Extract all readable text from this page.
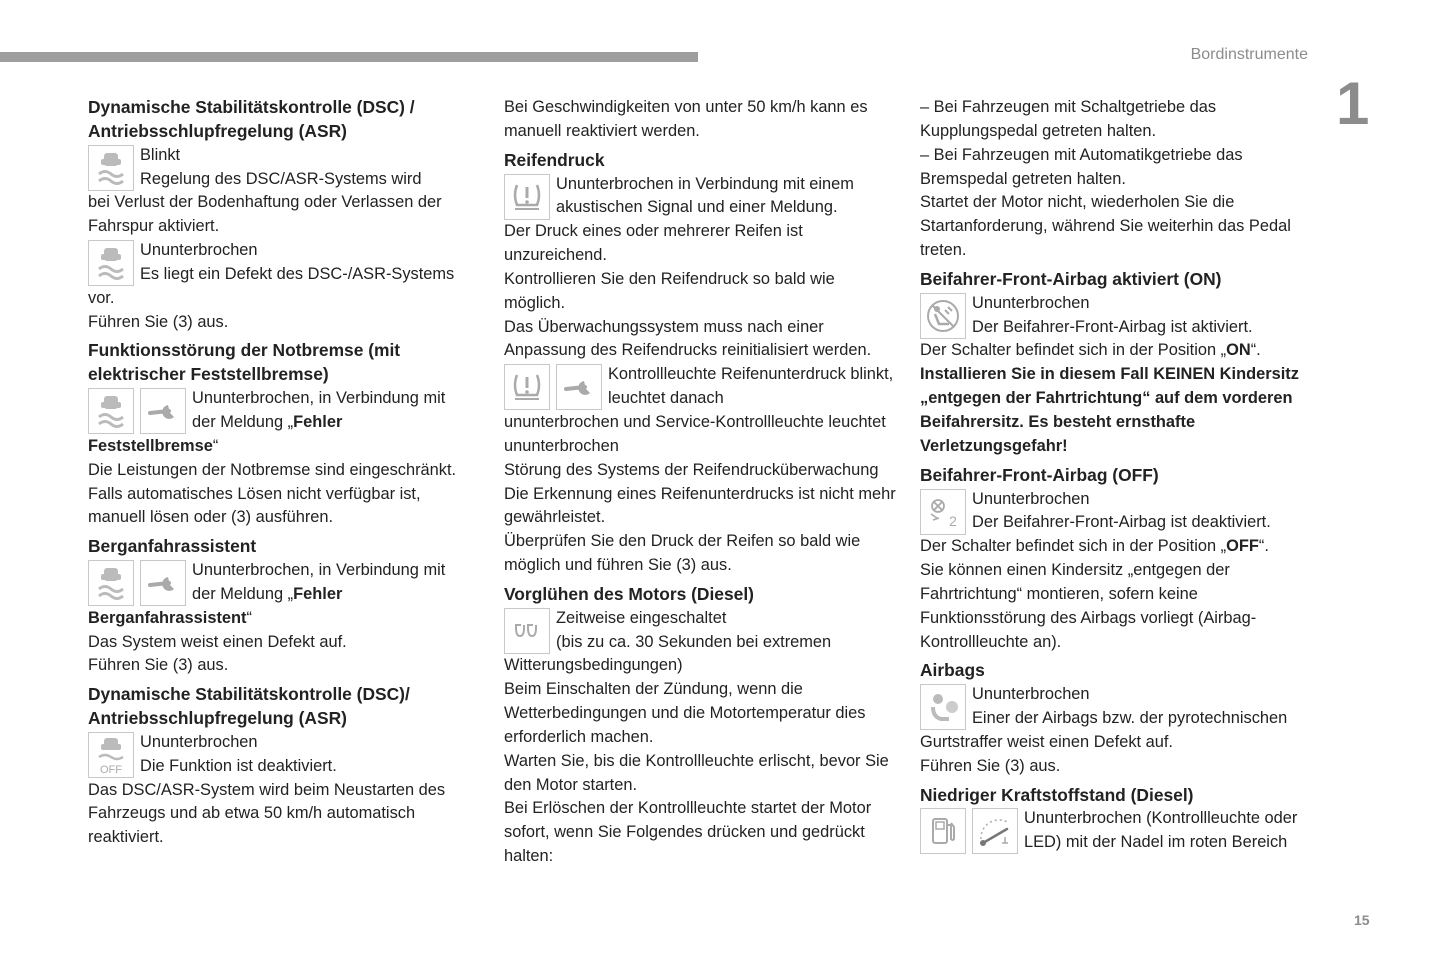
Bordinstrumente
1
15
Dynamische Stabilitätskontrolle (DSC) / Antriebsschlupfregelung (ASR)

Blinkt

Regelung des DSC/ASR-Systems wird

bei Verlust der Bodenhaftung oder Verlassen der Fahrspur aktiviert.

Ununterbrochen

Es liegt ein Defekt des DSC-/ASR-Systems

vor.

Führen Sie (3) aus.

Funktionsstörung der Notbremse (mit elektrischer Feststellbremse)

Ununterbrochen, in Verbindung mit

der Meldung „Fehler

Feststellbremse“

Die Leistungen der Notbremse sind eingeschränkt.

Falls automatisches Lösen nicht verfügbar ist, manuell lösen oder (3) ausführen.

Berganfahrassistent

Ununterbrochen, in Verbindung mit

der Meldung „Fehler

Berganfahrassistent“

Das System weist einen Defekt auf.

Führen Sie (3) aus.

Dynamische Stabilitätskontrolle (DSC)/ Antriebsschlupfregelung (ASR)
OFF

Ununterbrochen

Die Funktion ist deaktiviert.

Das DSC/ASR-System wird beim Neustarten des Fahrzeugs und ab etwa 50 km/h automatisch reaktiviert.

Bei Geschwindigkeiten von unter 50 km/h kann es manuell reaktiviert werden.

Reifendruck

Ununterbrochen in Verbindung mit einem akustischen Signal und einer Meldung.

Der Druck eines oder mehrerer Reifen ist unzureichend.

Kontrollieren Sie den Reifendruck so bald wie möglich.

Das Überwachungssystem muss nach einer Anpassung des Reifendrucks reinitialisiert werden.

Kontrollleuchte Reifenunterdruck blinkt, leuchtet danach

ununterbrochen und Service-Kontrollleuchte leuchtet ununterbrochen

Störung des Systems der Reifendrucküberwachung

Die Erkennung eines Reifenunterdrucks ist nicht mehr gewährleistet.

Überprüfen Sie den Druck der Reifen so bald wie möglich und führen Sie (3) aus.

Vorglühen des Motors (Diesel)

Zeitweise eingeschaltet

(bis zu ca. 30 Sekunden bei extremen

Witterungsbedingungen)

Beim Einschalten der Zündung, wenn die Wetterbedingungen und die Motortemperatur dies erforderlich machen.

Warten Sie, bis die Kontrollleuchte erlischt, bevor Sie den Motor starten.

Bei Erlöschen der Kontrollleuchte startet der Motor sofort, wenn Sie Folgendes drücken und gedrückt halten:

– Bei Fahrzeugen mit Schaltgetriebe das Kupplungspedal getreten halten.

– Bei Fahrzeugen mit Automatikgetriebe das Bremspedal getreten halten.

Startet der Motor nicht, wiederholen Sie die Startanforderung, während Sie weiterhin das Pedal treten.

Beifahrer-Front-Airbag aktiviert (ON)

Ununterbrochen

Der Beifahrer-Front-Airbag ist aktiviert.

Der Schalter befindet sich in der Position „ON“.

Installieren Sie in diesem Fall KEINEN Kindersitz „entgegen der Fahrtrichtung“ auf dem vorderen Beifahrersitz. Es besteht ernsthafte Verletzungsgefahr!

Beifahrer-Front-Airbag (OFF)
2

Ununterbrochen

Der Beifahrer-Front-Airbag ist deaktiviert.

Der Schalter befindet sich in der Position „OFF“.

Sie können einen Kindersitz „entgegen der Fahrtrichtung“ montieren, sofern keine Funktionsstörung des Airbags vorliegt (Airbag-Kontrollleuchte an).

Airbags

Ununterbrochen

Einer der Airbags bzw. der pyrotechnischen

Gurtstraffer weist einen Defekt auf.

Führen Sie (3) aus.

Niedriger Kraftstoffstand (Diesel)

Ununterbrochen (Kontrollleuchte oder LED) mit der Nadel im roten Bereich
